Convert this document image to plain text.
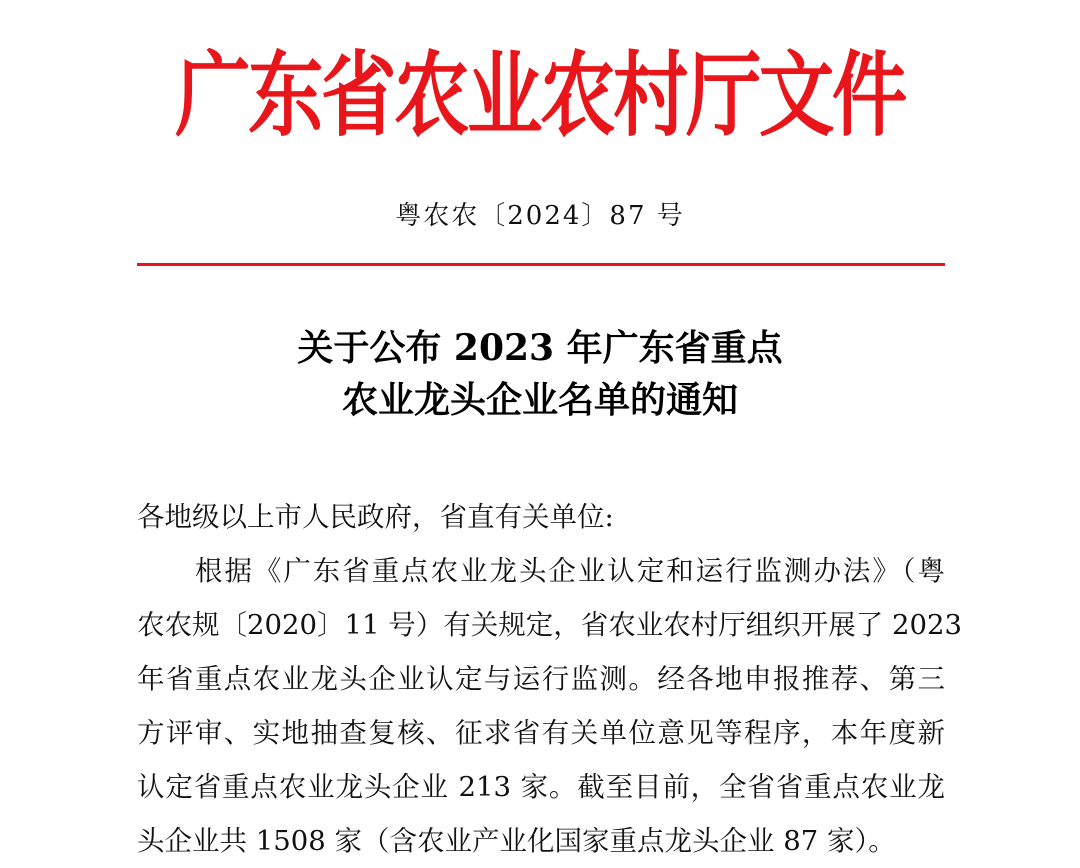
广东省农业农村厅文件
粤农农〔2024〕87 号
关于公布 2023 年广东省重点
农业龙头企业名单的通知
各地级以上市人民政府，省直有关单位:
根据《广东省重点农业龙头企业认定和运行监测办法》（粤
农农规〔2020〕11 号）有关规定，省农业农村厅组织开展了 2023
年省重点农业龙头企业认定与运行监测。经各地申报推荐、第三
方评审、实地抽查复核、征求省有关单位意见等程序，本年度新
认定省重点农业龙头企业 213 家。截至目前，全省省重点农业龙
头企业共 1508 家（含农业产业化国家重点龙头企业 87 家）。
